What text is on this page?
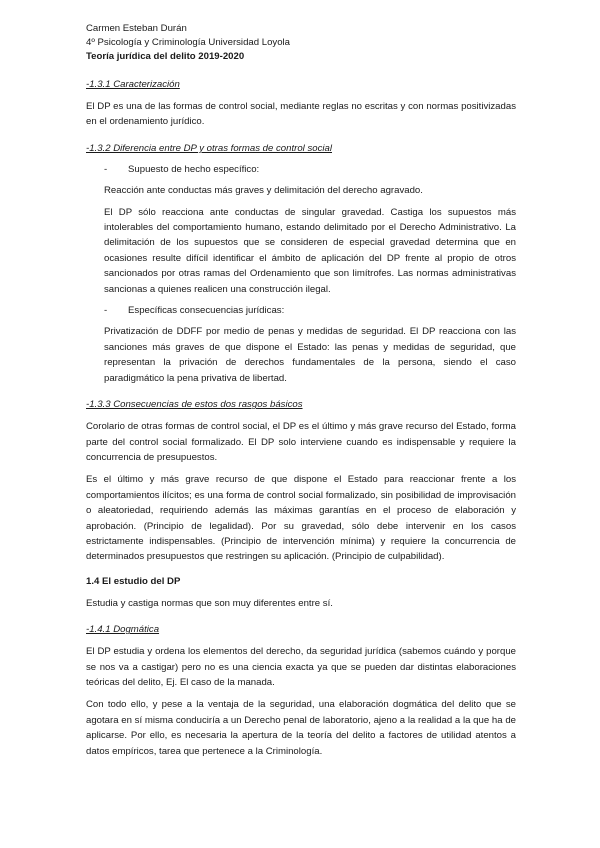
Carmen Esteban Durán

4º Psicología y Criminología Universidad Loyola

Teoría jurídica del delito 2019-2020

-1.3.1 Caracterización

El DP es una de las formas de control social, mediante reglas no escritas y con normas positivizadas en el ordenamiento jurídico.

-1.3.2 Diferencia entre DP y otras formas de control social

-	Supuesto de hecho específico:

Reacción ante conductas más graves y delimitación del derecho agravado.

El DP sólo reacciona ante conductas de singular gravedad. Castiga los supuestos más intolerables del comportamiento humano, estando delimitado por el Derecho Administrativo. La delimitación de los supuestos que se consideren de especial gravedad determina que en ocasiones resulte difícil identificar el ámbito de aplicación del DP frente al propio de otros sancionados por otras ramas del Ordenamiento que son limítrofes. Las normas administrativas sancionas a quienes realicen una construcción ilegal.

-	Específicas consecuencias jurídicas:

Privatización de DDFF por medio de penas y medidas de seguridad. El DP reacciona con las sanciones más graves de que dispone el Estado: las penas y medidas de seguridad, que representan la privación de derechos fundamentales de la persona, siendo el caso paradigmático la pena privativa de libertad.

-1.3.3 Consecuencias de estos dos rasgos básicos

Corolario de otras formas de control social, el DP es el último y más grave recurso del Estado, forma parte del control social formalizado. El DP solo interviene cuando es indispensable y requiere la concurrencia de presupuestos.

Es el último y más grave recurso de que dispone el Estado para reaccionar frente a los comportamientos ilícitos; es una forma de control social formalizado, sin posibilidad de improvisación o aleatoriedad, requiriendo además las máximas garantías en el proceso de elaboración y aprobación. (Principio de legalidad). Por su gravedad, sólo debe intervenir en los casos estrictamente indispensables. (Principio de intervención mínima) y requiere la concurrencia de determinados presupuestos que restringen su aplicación. (Principio de culpabilidad).

1.4 El estudio del DP

Estudia y castiga normas que son muy diferentes entre sí.

-1.4.1 Dogmática

El DP estudia y ordena los elementos del derecho, da seguridad jurídica (sabemos cuándo y porque se nos va a castigar) pero no es una ciencia exacta ya que se pueden dar distintas elaboraciones teóricas del delito, Ej. El caso de la manada.

Con todo ello, y pese a la ventaja de la seguridad, una elaboración dogmática del delito que se agotara en sí misma conduciría a un Derecho penal de laboratorio, ajeno a la realidad a la que ha de aplicarse. Por ello, es necesaria la apertura de la teoría del delito a factores de utilidad atentos a datos empíricos, tarea que pertenece a la Criminología.
